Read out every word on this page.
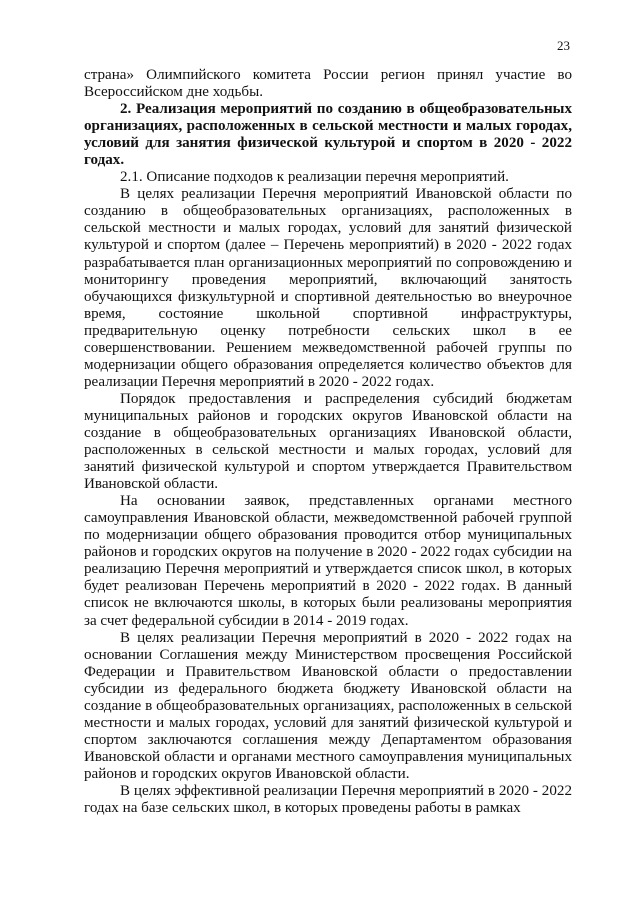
23

страна» Олимпийского комитета России регион принял участие во Всероссийском дне ходьбы.

2. Реализация мероприятий по созданию в общеобразовательных организациях, расположенных в сельской местности и малых городах, условий для занятия физической культурой и спортом в 2020 - 2022 годах.

2.1. Описание подходов к реализации перечня мероприятий.

В целях реализации Перечня мероприятий Ивановской области по созданию в общеобразовательных организациях, расположенных в сельской местности и малых городах, условий для занятий физической культурой и спортом (далее – Перечень мероприятий) в 2020 - 2022 годах разрабатывается план организационных мероприятий по сопровождению и мониторингу проведения мероприятий, включающий занятость обучающихся физкультурной и спортивной деятельностью во внеурочное время, состояние школьной спортивной инфраструктуры, предварительную оценку потребности сельских школ в ее совершенствовании. Решением межведомственной рабочей группы по модернизации общего образования определяется количество объектов для реализации Перечня мероприятий в 2020 - 2022 годах.

Порядок предоставления и распределения субсидий бюджетам муниципальных районов и городских округов Ивановской области на создание в общеобразовательных организациях Ивановской области, расположенных в сельской местности и малых городах, условий для занятий физической культурой и спортом утверждается Правительством Ивановской области.

На основании заявок, представленных органами местного самоуправления Ивановской области, межведомственной рабочей группой по модернизации общего образования проводится отбор муниципальных районов и городских округов на получение в 2020 - 2022 годах субсидии на реализацию Перечня мероприятий и утверждается список школ, в которых будет реализован Перечень мероприятий в 2020 - 2022 годах. В данный список не включаются школы, в которых были реализованы мероприятия за счет федеральной субсидии в 2014 - 2019 годах.

В целях реализации Перечня мероприятий в 2020 - 2022 годах на основании Соглашения между Министерством просвещения Российской Федерации и Правительством Ивановской области о предоставлении субсидии из федерального бюджета бюджету Ивановской области на создание в общеобразовательных организациях, расположенных в сельской местности и малых городах, условий для занятий физической культурой и спортом заключаются соглашения между Департаментом образования Ивановской области и органами местного самоуправления муниципальных районов и городских округов Ивановской области.

В целях эффективной реализации Перечня мероприятий в 2020 - 2022 годах на базе сельских школ, в которых проведены работы в рамках
